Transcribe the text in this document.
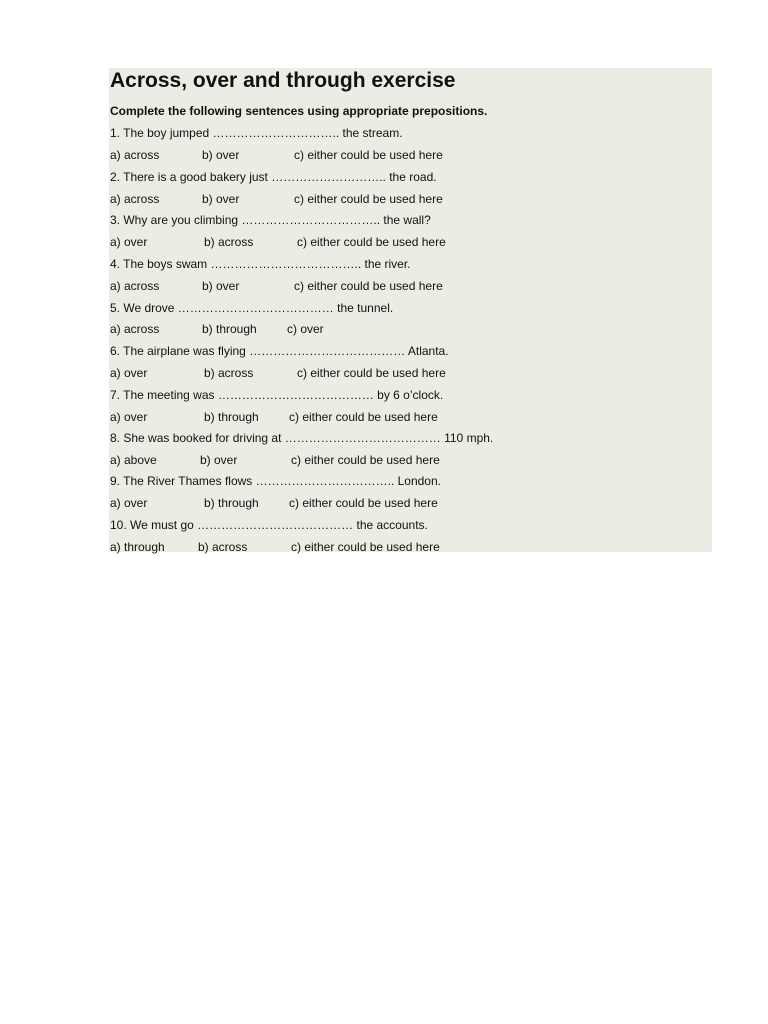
Across, over and through exercise
Complete the following sentences using appropriate prepositions.
1. The boy jumped ………………………….. the stream.
a) across	b) over	c) either could be used here
2. There is a good bakery just ……………………….. the road.
a) across	b) over	c) either could be used here
3. Why are you climbing …………………………….. the wall?
a) over	b) across	c) either could be used here
4. The boys swam ……………………………….. the river.
a) across	b) over	c) either could be used here
5. We drove ………………………………… the tunnel.
a) across	b) through	c) over
6. The airplane was flying ………………………………… Atlanta.
a) over	b) across	c) either could be used here
7. The meeting was ………………………………… by 6 o’clock.
a) over	b) through	c) either could be used here
8. She was booked for driving at ………………………………… 110 mph.
a) above	b) over	c) either could be used here
9. The River Thames flows …………………………….. London.
a) over	b) through	c) either could be used here
10. We must go ………………………………… the accounts.
a) through	b) across	c) either could be used here
